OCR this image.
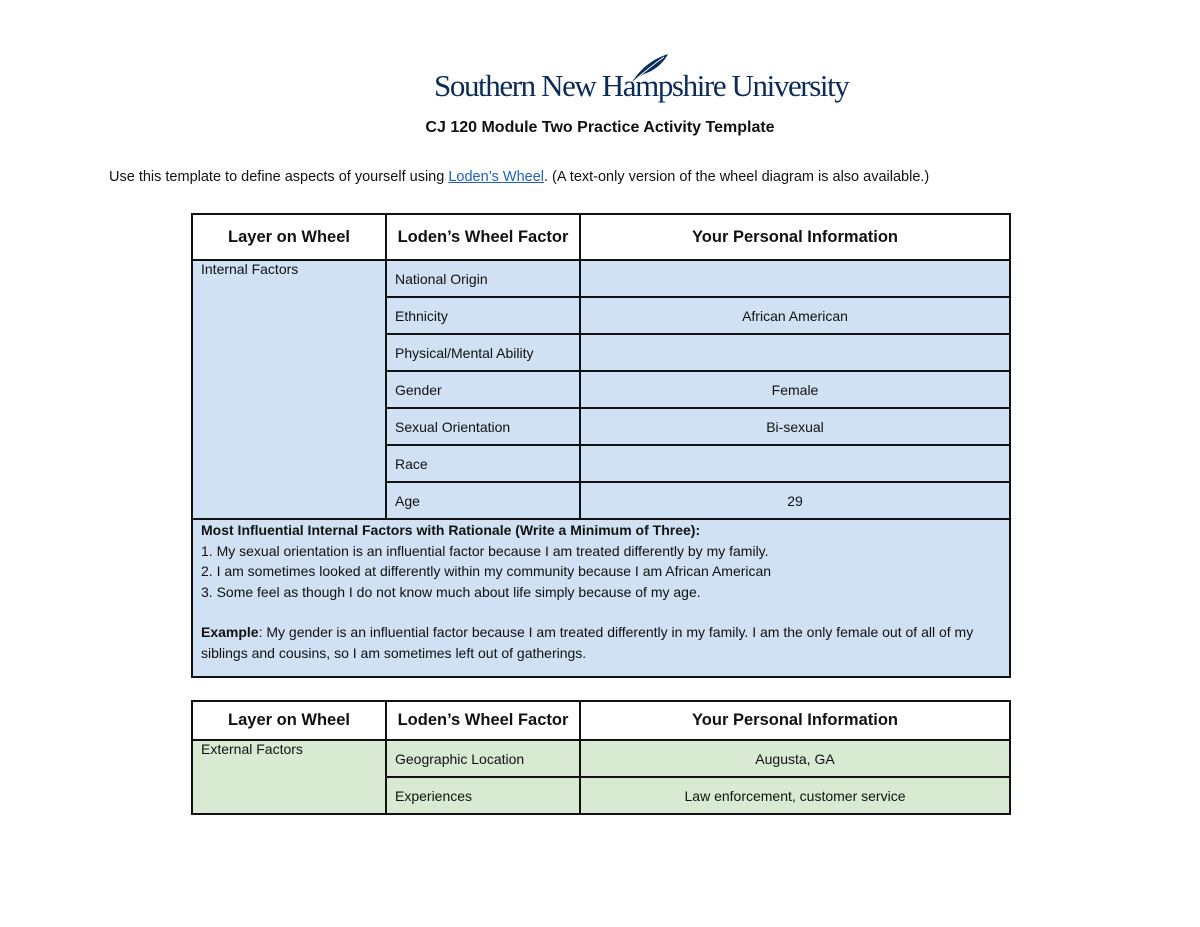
Southern New Hampshire University
CJ 120 Module Two Practice Activity Template
Use this template to define aspects of yourself using Loden’s Wheel. (A text-only version of the wheel diagram is also available.)
Layer on Wheel	Loden’s Wheel Factor	Your Personal Information
Internal Factors	National Origin	
	Ethnicity	African American
	Physical/Mental Ability	
	Gender	Female
	Sexual Orientation	Bi-sexual
	Race	
	Age	29

Most Influential Internal Factors with Rationale (Write a Minimum of Three):
1. My sexual orientation is an influential factor because I am treated differently by my family.
2. I am sometimes looked at differently within my community because I am African American
3. Some feel as though I do not know much about life simply because of my age.
Example: My gender is an influential factor because I am treated differently in my family. I am the only female out of all of my siblings and cousins, so I am sometimes left out of gatherings.		
Layer on Wheel	Loden’s Wheel Factor	Your Personal Information
External Factors	Geographic Location	Augusta, GA
	Experiences	Law enforcement, customer service
